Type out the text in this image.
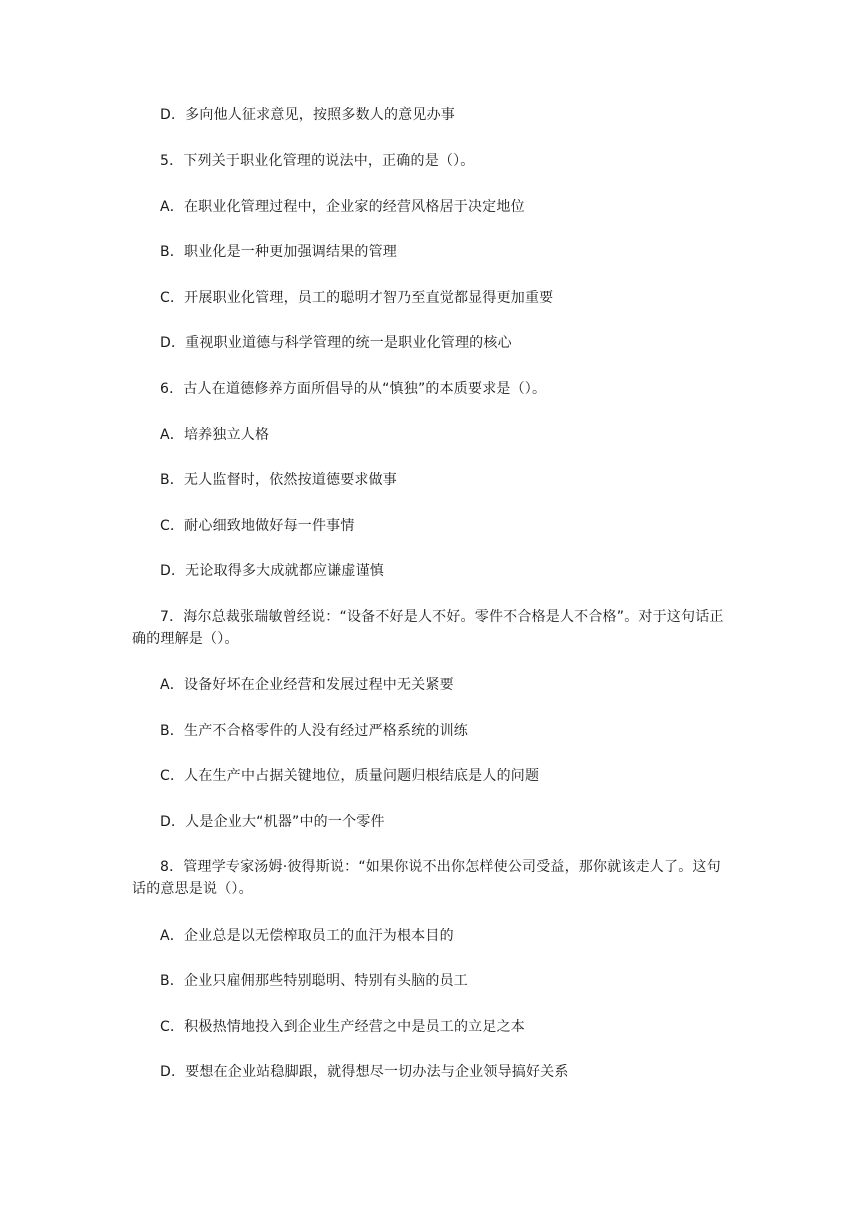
D．多向他人征求意见，按照多数人的意见办事
5．下列关于职业化管理的说法中，正确的是（）。
A．在职业化管理过程中，企业家的经营风格居于决定地位
B．职业化是一种更加强调结果的管理
C．开展职业化管理，员工的聪明才智乃至直觉都显得更加重要
D．重视职业道德与科学管理的统一是职业化管理的核心
6．古人在道德修养方面所倡导的从“慎独”的本质要求是（）。
A．培养独立人格
B．无人监督时，依然按道德要求做事
C．耐心细致地做好每一件事情
D．无论取得多大成就都应谦虚谨慎
7．海尔总裁张瑞敏曾经说：“设备不好是人不好。零件不合格是人不合格”。对于这句话正确的理解是（）。
A．设备好坏在企业经营和发展过程中无关紧要
B．生产不合格零件的人没有经过严格系统的训练
C．人在生产中占据关键地位，质量问题归根结底是人的问题
D．人是企业大“机器”中的一个零件
8．管理学专家汤姆·彼得斯说：“如果你说不出你怎样使公司受益，那你就该走人了。这句话的意思是说（）。
A．企业总是以无偿榨取员工的血汗为根本目的
B．企业只雇佣那些特别聪明、特别有头脑的员工
C．积极热情地投入到企业生产经营之中是员工的立足之本
D．要想在企业站稳脚跟，就得想尽一切办法与企业领导搞好关系
